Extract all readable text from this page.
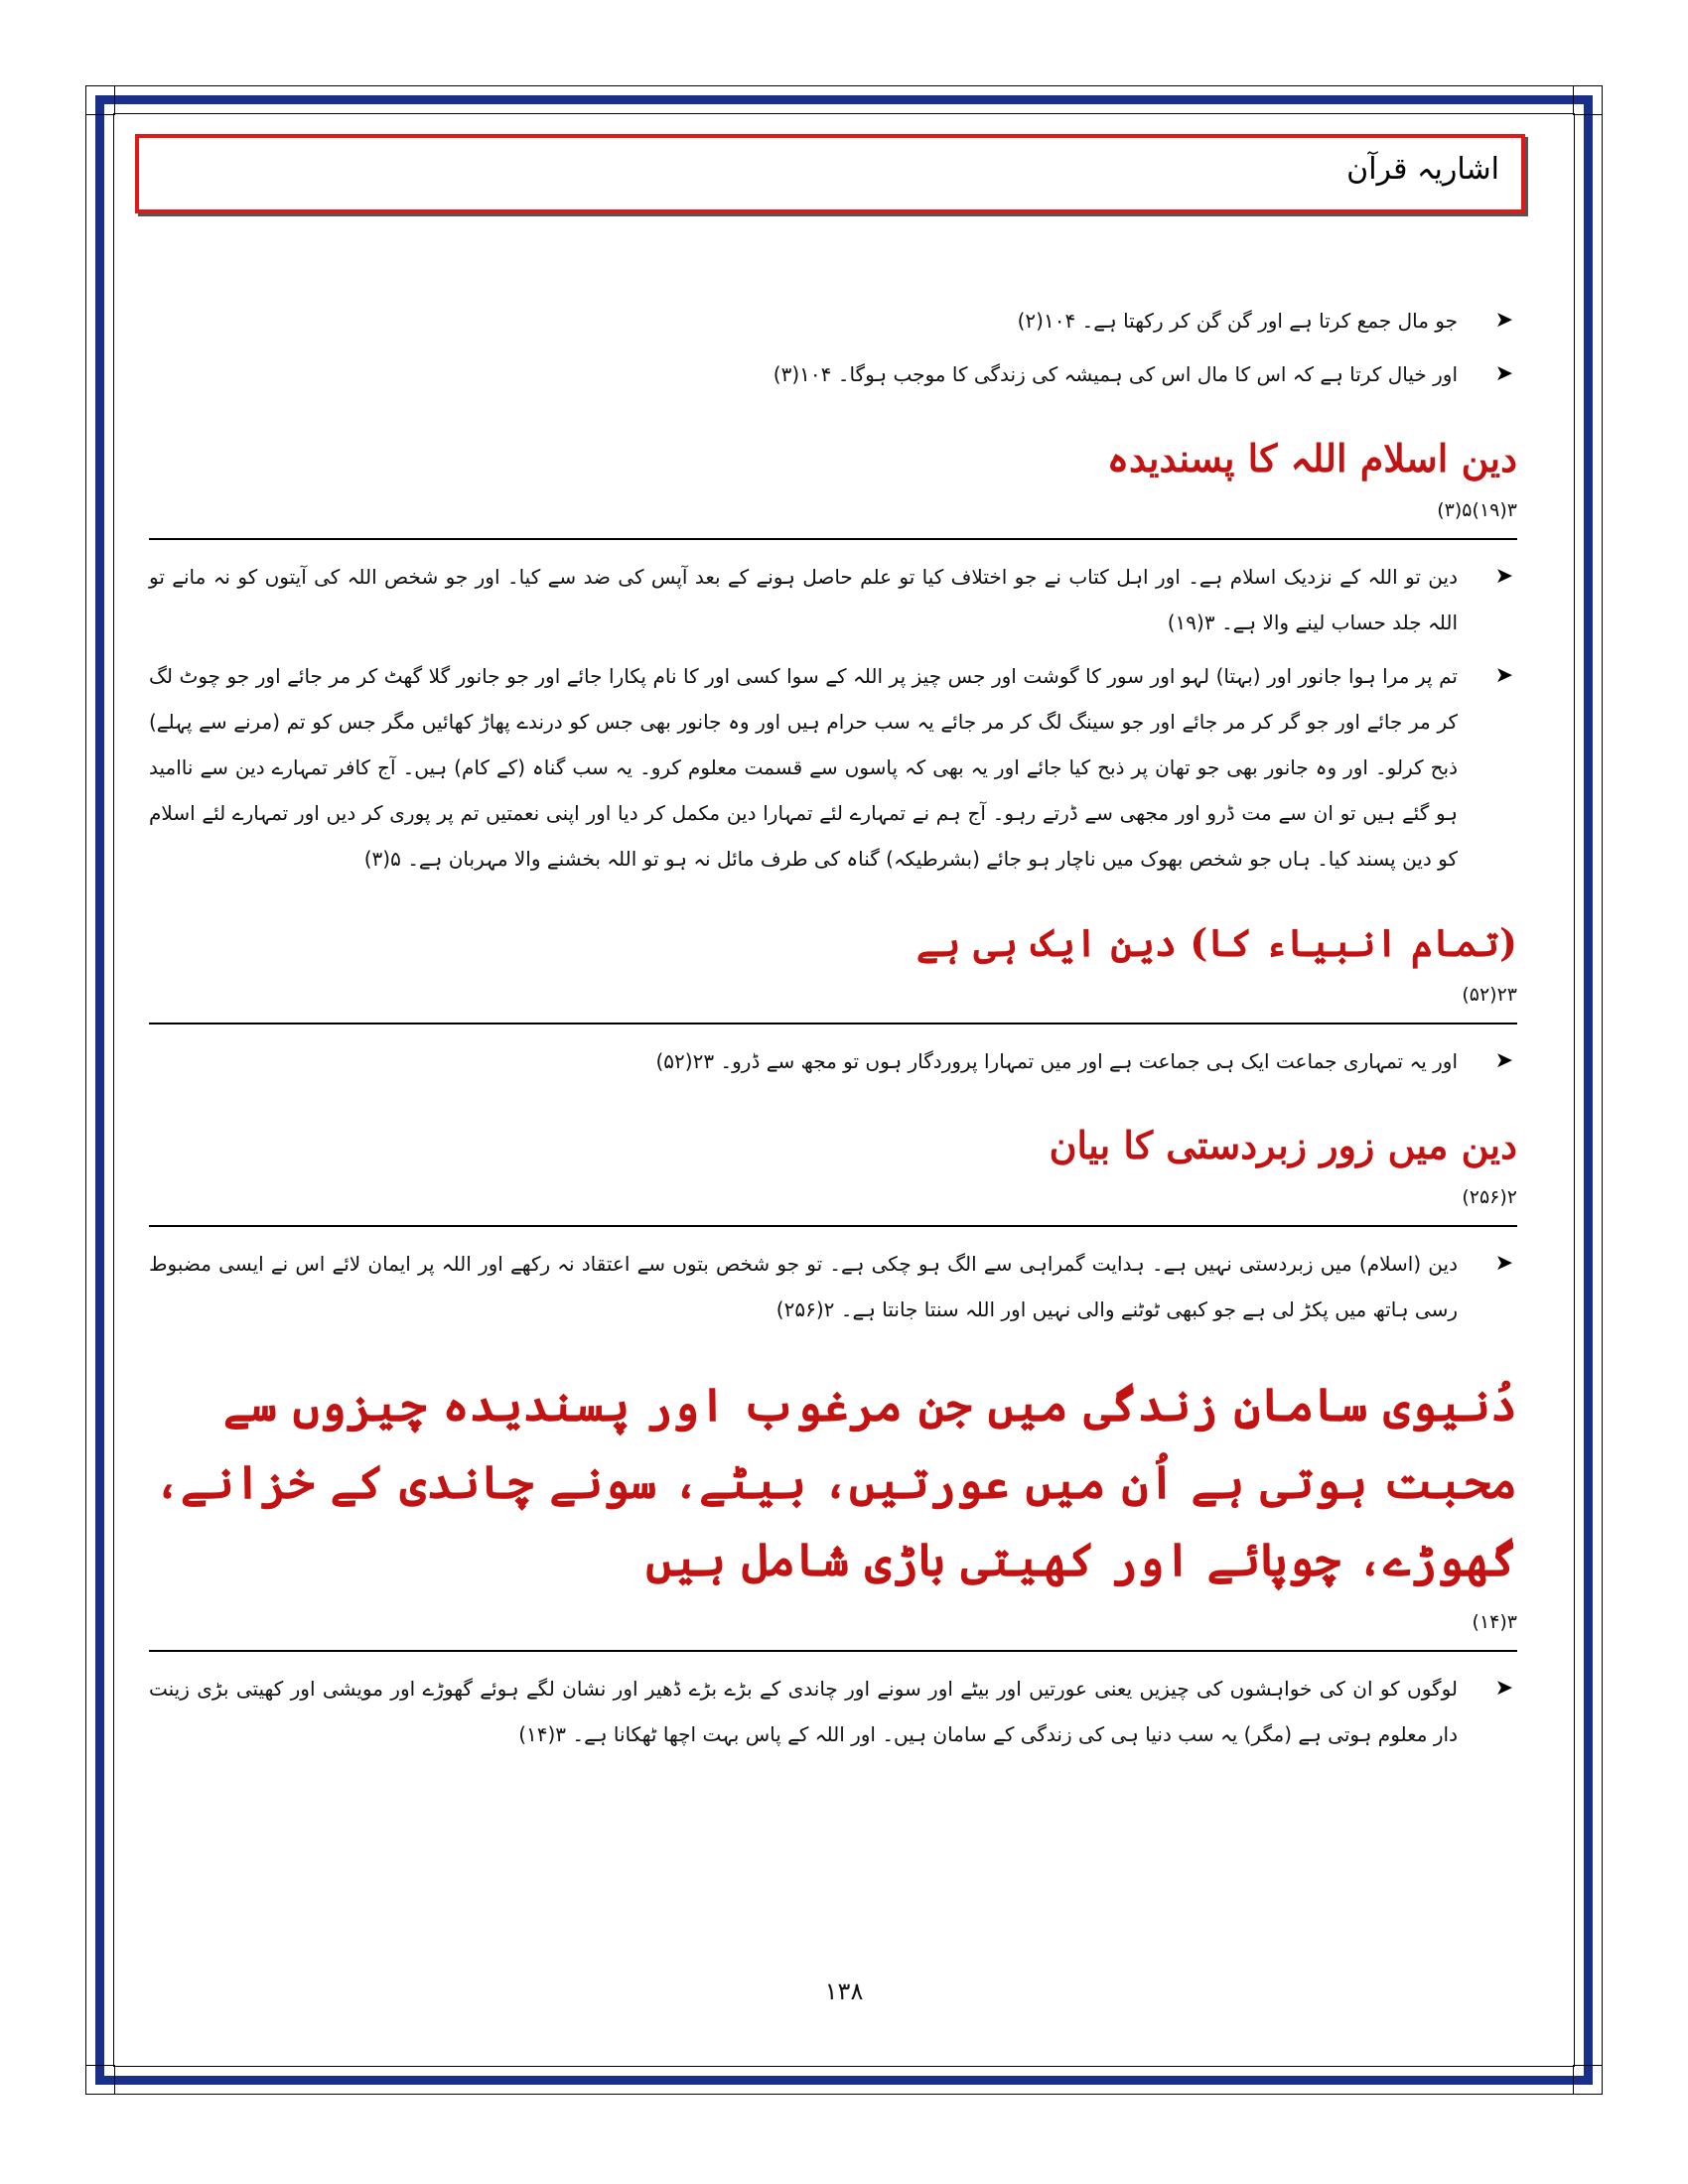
اشاریہ قرآن
➤
جو مال جمع کرتا ہے اور گن گن کر رکھتا ہے۔ ۱۰۴(۲)
➤
اور خیال کرتا ہے کہ اس کا مال اس کی ہمیشہ کی زندگی کا موجب ہوگا۔ ۱۰۴(۳)
دین اسلام اللہ کا پسندیدہ
۳(۱۹)۵(۳)
➤
دین تو اللہ کے نزدیک اسلام ہے۔ اور اہل کتاب نے جو اختلاف کیا تو علم حاصل ہونے کے بعد آپس کی ضد سے کیا۔ اور جو شخص اللہ کی آیتوں کو نہ مانے تو اللہ جلد حساب لینے والا ہے۔ ۳(۱۹)
➤
تم پر مرا ہوا جانور اور (بہتا) لہو اور سور کا گوشت اور جس چیز پر اللہ کے سوا کسی اور کا نام پکارا جائے اور جو جانور گلا گھٹ کر مر جائے اور جو چوٹ لگ کر مر جائے اور جو گر کر مر جائے اور جو سینگ لگ کر مر جائے یہ سب حرام ہیں اور وہ جانور بھی جس کو درندے پھاڑ کھائیں مگر جس کو تم (مرنے سے پہلے) ذبح کرلو۔ اور وہ جانور بھی جو تھان پر ذبح کیا جائے اور یہ بھی کہ پاسوں سے قسمت معلوم کرو۔ یہ سب گناہ (کے کام) ہیں۔ آج کافر تمہارے دین سے ناامید ہو گئے ہیں تو ان سے مت ڈرو اور مجھی سے ڈرتے رہو۔ آج ہم نے تمہارے لئے تمہارا دین مکمل کر دیا اور اپنی نعمتیں تم پر پوری کر دیں اور تمہارے لئے اسلام کو دین پسند کیا۔ ہاں جو شخص بھوک میں ناچار ہو جائے (بشرطیکہ) گناہ کی طرف مائل نہ ہو تو اللہ بخشنے والا مہربان ہے۔ ۵(۳)
(تمام انبیاء کا) دین ایک ہی ہے
۲۳(۵۲)
➤
اور یہ تمہاری جماعت ایک ہی جماعت ہے اور میں تمہارا پروردگار ہوں تو مجھ سے ڈرو۔ ۲۳(۵۲)
دین میں زور زبردستی کا بیان
۲(۲۵۶)
➤
دین (اسلام) میں زبردستی نہیں ہے۔ ہدایت گمراہی سے الگ ہو چکی ہے۔ تو جو شخص بتوں سے اعتقاد نہ رکھے اور اللہ پر ایمان لائے اس نے ایسی مضبوط رسی ہاتھ میں پکڑ لی ہے جو کبھی ٹوٹنے والی نہیں اور اللہ سنتا جانتا ہے۔ ۲(۲۵۶)
دُنیوی سامانِ زندگی میں جن مرغوب اور پسندیدہ چیزوں سے محبت ہوتی ہے اُن میں عورتیں، بیٹے، سونے چاندی کے خزانے، گھوڑے، چوپائے اور کھیتی باڑی شامل ہیں
۳(۱۴)
➤
لوگوں کو ان کی خواہشوں کی چیزیں یعنی عورتیں اور بیٹے اور سونے اور چاندی کے بڑے بڑے ڈھیر اور نشان لگے ہوئے گھوڑے اور مویشی اور کھیتی بڑی زینت دار معلوم ہوتی ہے (مگر) یہ سب دنیا ہی کی زندگی کے سامان ہیں۔ اور اللہ کے پاس بہت اچھا ٹھکانا ہے۔ ۳(۱۴)
۱۳۸
